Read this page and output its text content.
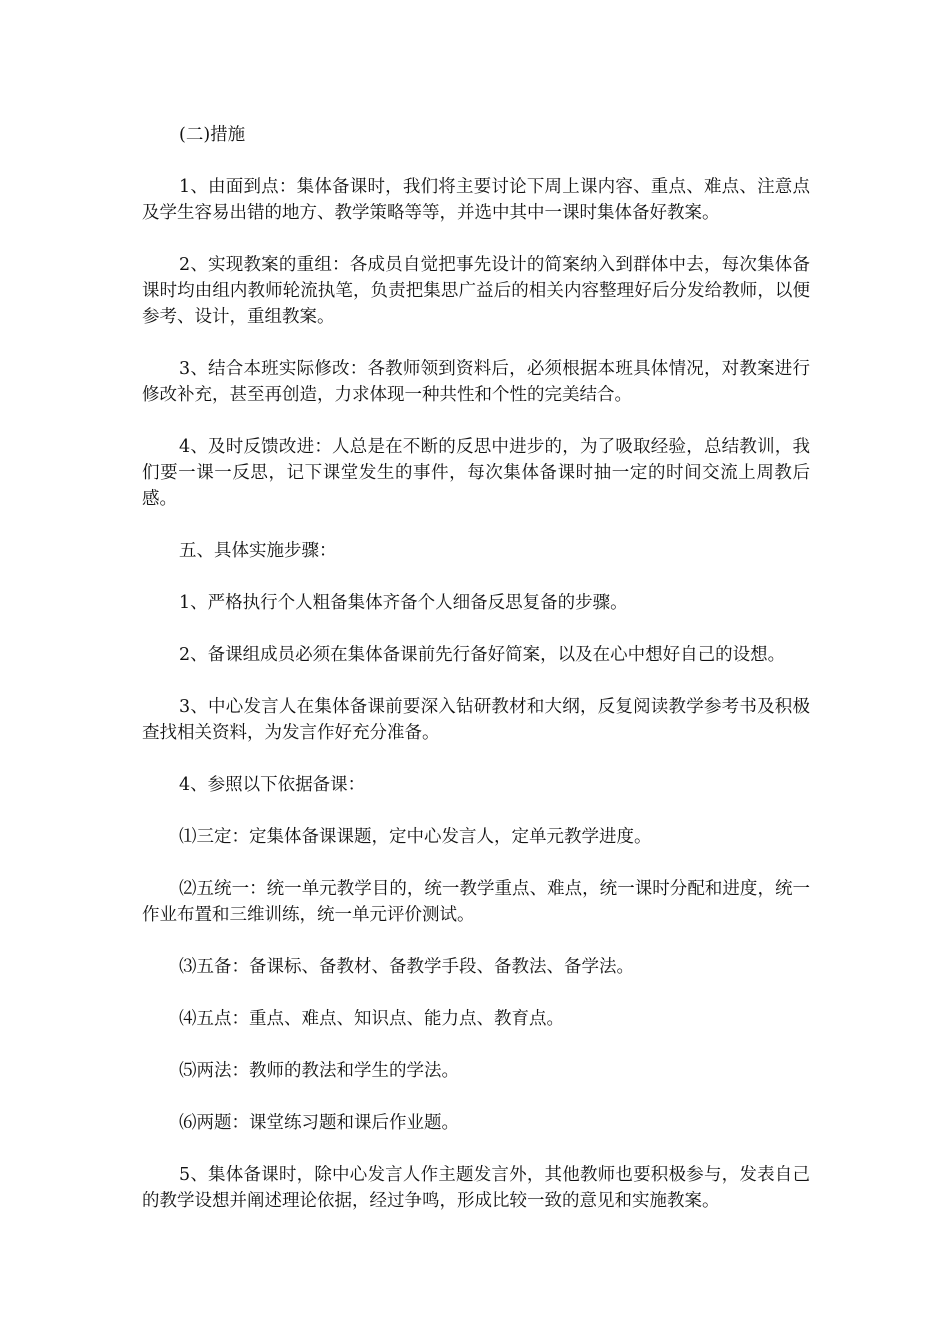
(二)措施

1、由面到点：集体备课时，我们将主要讨论下周上课内容、重点、难点、注意点及学生容易出错的地方、教学策略等等，并选中其中一课时集体备好教案。

2、实现教案的重组：各成员自觉把事先设计的简案纳入到群体中去，每次集体备课时均由组内教师轮流执笔，负责把集思广益后的相关内容整理好后分发给教师，以便参考、设计，重组教案。

3、结合本班实际修改：各教师领到资料后，必须根据本班具体情况，对教案进行修改补充，甚至再创造，力求体现一种共性和个性的完美结合。

4、及时反馈改进：人总是在不断的反思中进步的，为了吸取经验，总结教训，我们要一课一反思，记下课堂发生的事件，每次集体备课时抽一定的时间交流上周教后感。

五、具体实施步骤：

1、严格执行个人粗备集体齐备个人细备反思复备的步骤。

2、备课组成员必须在集体备课前先行备好简案，以及在心中想好自己的设想。

3、中心发言人在集体备课前要深入钻研教材和大纲，反复阅读教学参考书及积极查找相关资料，为发言作好充分准备。

4、参照以下依据备课：

⑴三定：定集体备课课题，定中心发言人，定单元教学进度。

⑵五统一：统一单元教学目的，统一教学重点、难点，统一课时分配和进度，统一作业布置和三维训练，统一单元评价测试。

⑶五备：备课标、备教材、备教学手段、备教法、备学法。

⑷五点：重点、难点、知识点、能力点、教育点。

⑸两法：教师的教法和学生的学法。

⑹两题：课堂练习题和课后作业题。

5、集体备课时，除中心发言人作主题发言外，其他教师也要积极参与，发表自己的教学设想并阐述理论依据，经过争鸣，形成比较一致的意见和实施教案。
